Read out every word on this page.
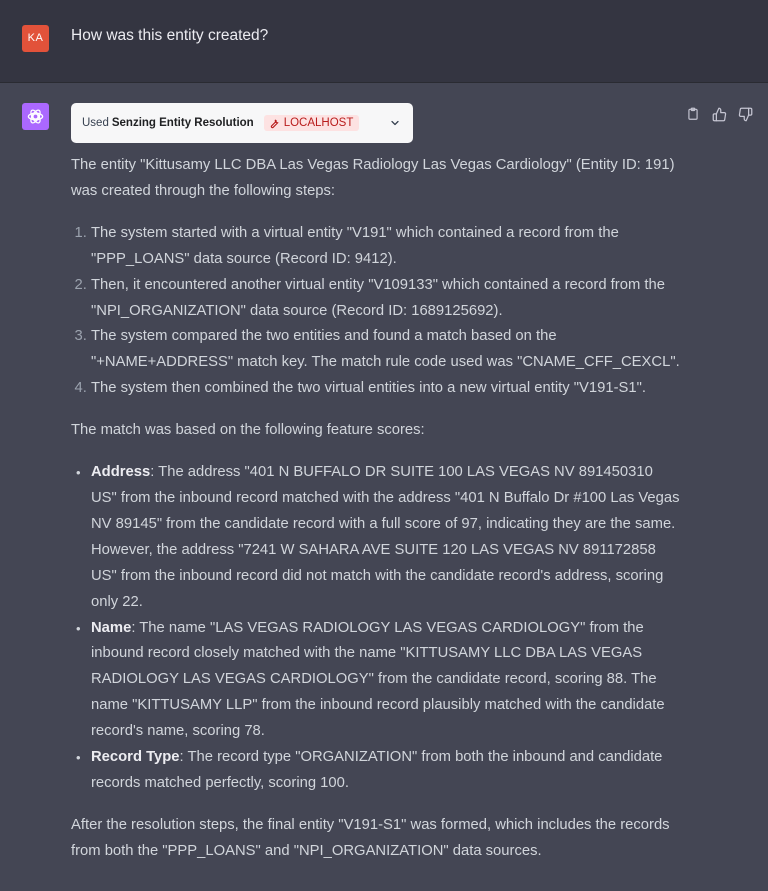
KA	How was this entity created?
Used Senzing Entity Resolution	LOCALHOST

The entity "Kittusamy LLC DBA Las Vegas Radiology Las Vegas Cardiology" (Entity ID: 191) was created through the following steps:

1. The system started with a virtual entity "V191" which contained a record from the "PPP_LOANS" data source (Record ID: 9412).
2. Then, it encountered another virtual entity "V109133" which contained a record from the "NPI_ORGANIZATION" data source (Record ID: 1689125692).
3. The system compared the two entities and found a match based on the "+NAME+ADDRESS" match key. The match rule code used was "CNAME_CFF_CEXCL".
4. The system then combined the two virtual entities into a new virtual entity "V191-S1".

The match was based on the following feature scores:

• Address: The address "401 N BUFFALO DR SUITE 100 LAS VEGAS NV 891450310 US" from the inbound record matched with the address "401 N Buffalo Dr #100 Las Vegas NV 89145" from the candidate record with a full score of 97, indicating they are the same. However, the address "7241 W SAHARA AVE SUITE 120 LAS VEGAS NV 891172858 US" from the inbound record did not match with the candidate record's address, scoring only 22.
• Name: The name "LAS VEGAS RADIOLOGY LAS VEGAS CARDIOLOGY" from the inbound record closely matched with the name "KITTUSAMY LLC DBA LAS VEGAS RADIOLOGY LAS VEGAS CARDIOLOGY" from the candidate record, scoring 88. The name "KITTUSAMY LLP" from the inbound record plausibly matched with the candidate record's name, scoring 78.
• Record Type: The record type "ORGANIZATION" from both the inbound and candidate records matched perfectly, scoring 100.

After the resolution steps, the final entity "V191-S1" was formed, which includes the records from both the "PPP_LOANS" and "NPI_ORGANIZATION" data sources.
